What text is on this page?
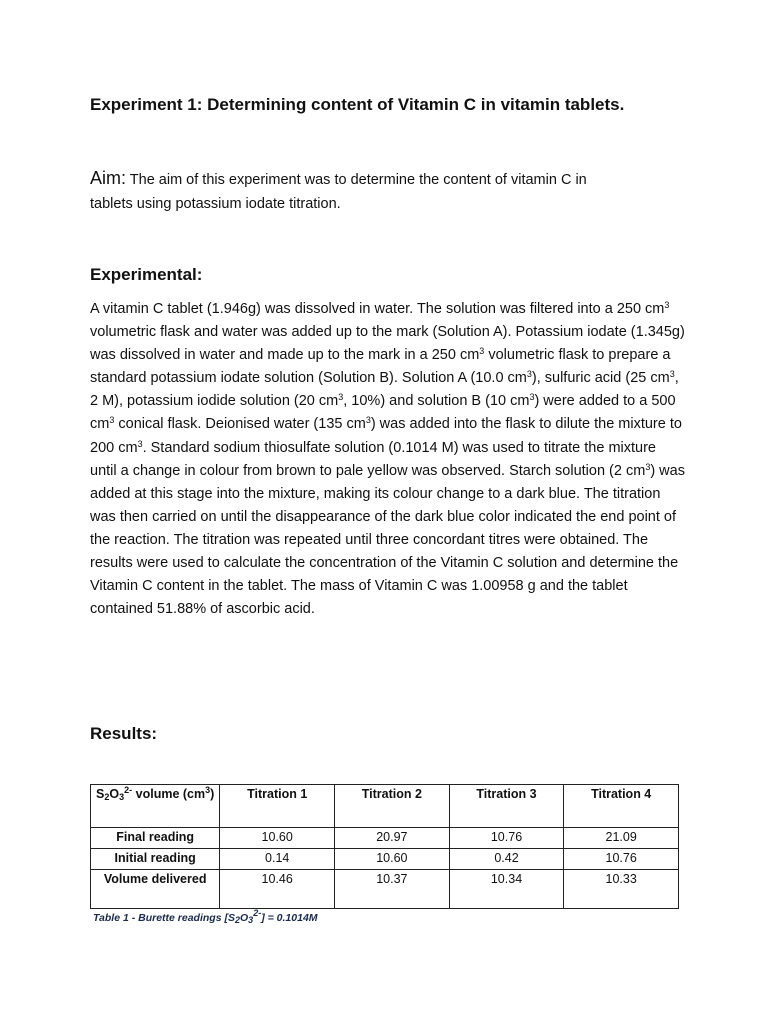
Experiment 1: Determining content of Vitamin C in vitamin tablets.

Aim: The aim of this experiment was to determine the content of vitamin C in
tablets using potassium iodate titration.

Experimental:

A vitamin C tablet (1.946g) was dissolved in water. The solution was filtered into a 250 $cm^3$ volumetric flask and water was added up to the mark (Solution A). Potassium iodate (1.345g) was dissolved in water and made up to the mark in a 250 $cm^3$ volumetric flask to prepare a standard potassium iodate solution (Solution B). Solution A (10.0 $cm^3$), sulfuric acid (25 $cm^3$, 2 M), potassium iodide solution (20 $cm^3$, 10%) and solution B (10 $cm^3$) were added to a 500 $cm^3$ conical flask. Deionised water (135 $cm^3$) was added into the flask to dilute the mixture to 200 $cm^3$. Standard sodium thiosulfate solution (0.1014 M) was used to titrate the mixture until a change in colour from brown to pale yellow was observed. Starch solution (2 $cm^3$) was added at this stage into the mixture, making its colour change to a dark blue. The titration was then carried on until the disappearance of the dark blue color indicated the end point of the reaction. The titration was repeated until three concordant titres were obtained. The results were used to calculate the concentration of the Vitamin C solution and determine the Vitamin C content in the tablet. The mass of Vitamin C was 1.00958 g and the tablet contained 51.88% of ascorbic acid.

Results:
$S_2O_3^{2-}$ volume $(cm^3)$	Titration 1	Titration 2	Titration 3	Titration 4
Final reading	10.60	20.97	10.76	21.09
Initial reading	0.14	10.60	0.42	10.76
Volume delivered	10.46	10.37	10.34	10.33
Table 1 - Burette readings $[S_2O_3^{2-}] = 0.1014M$
